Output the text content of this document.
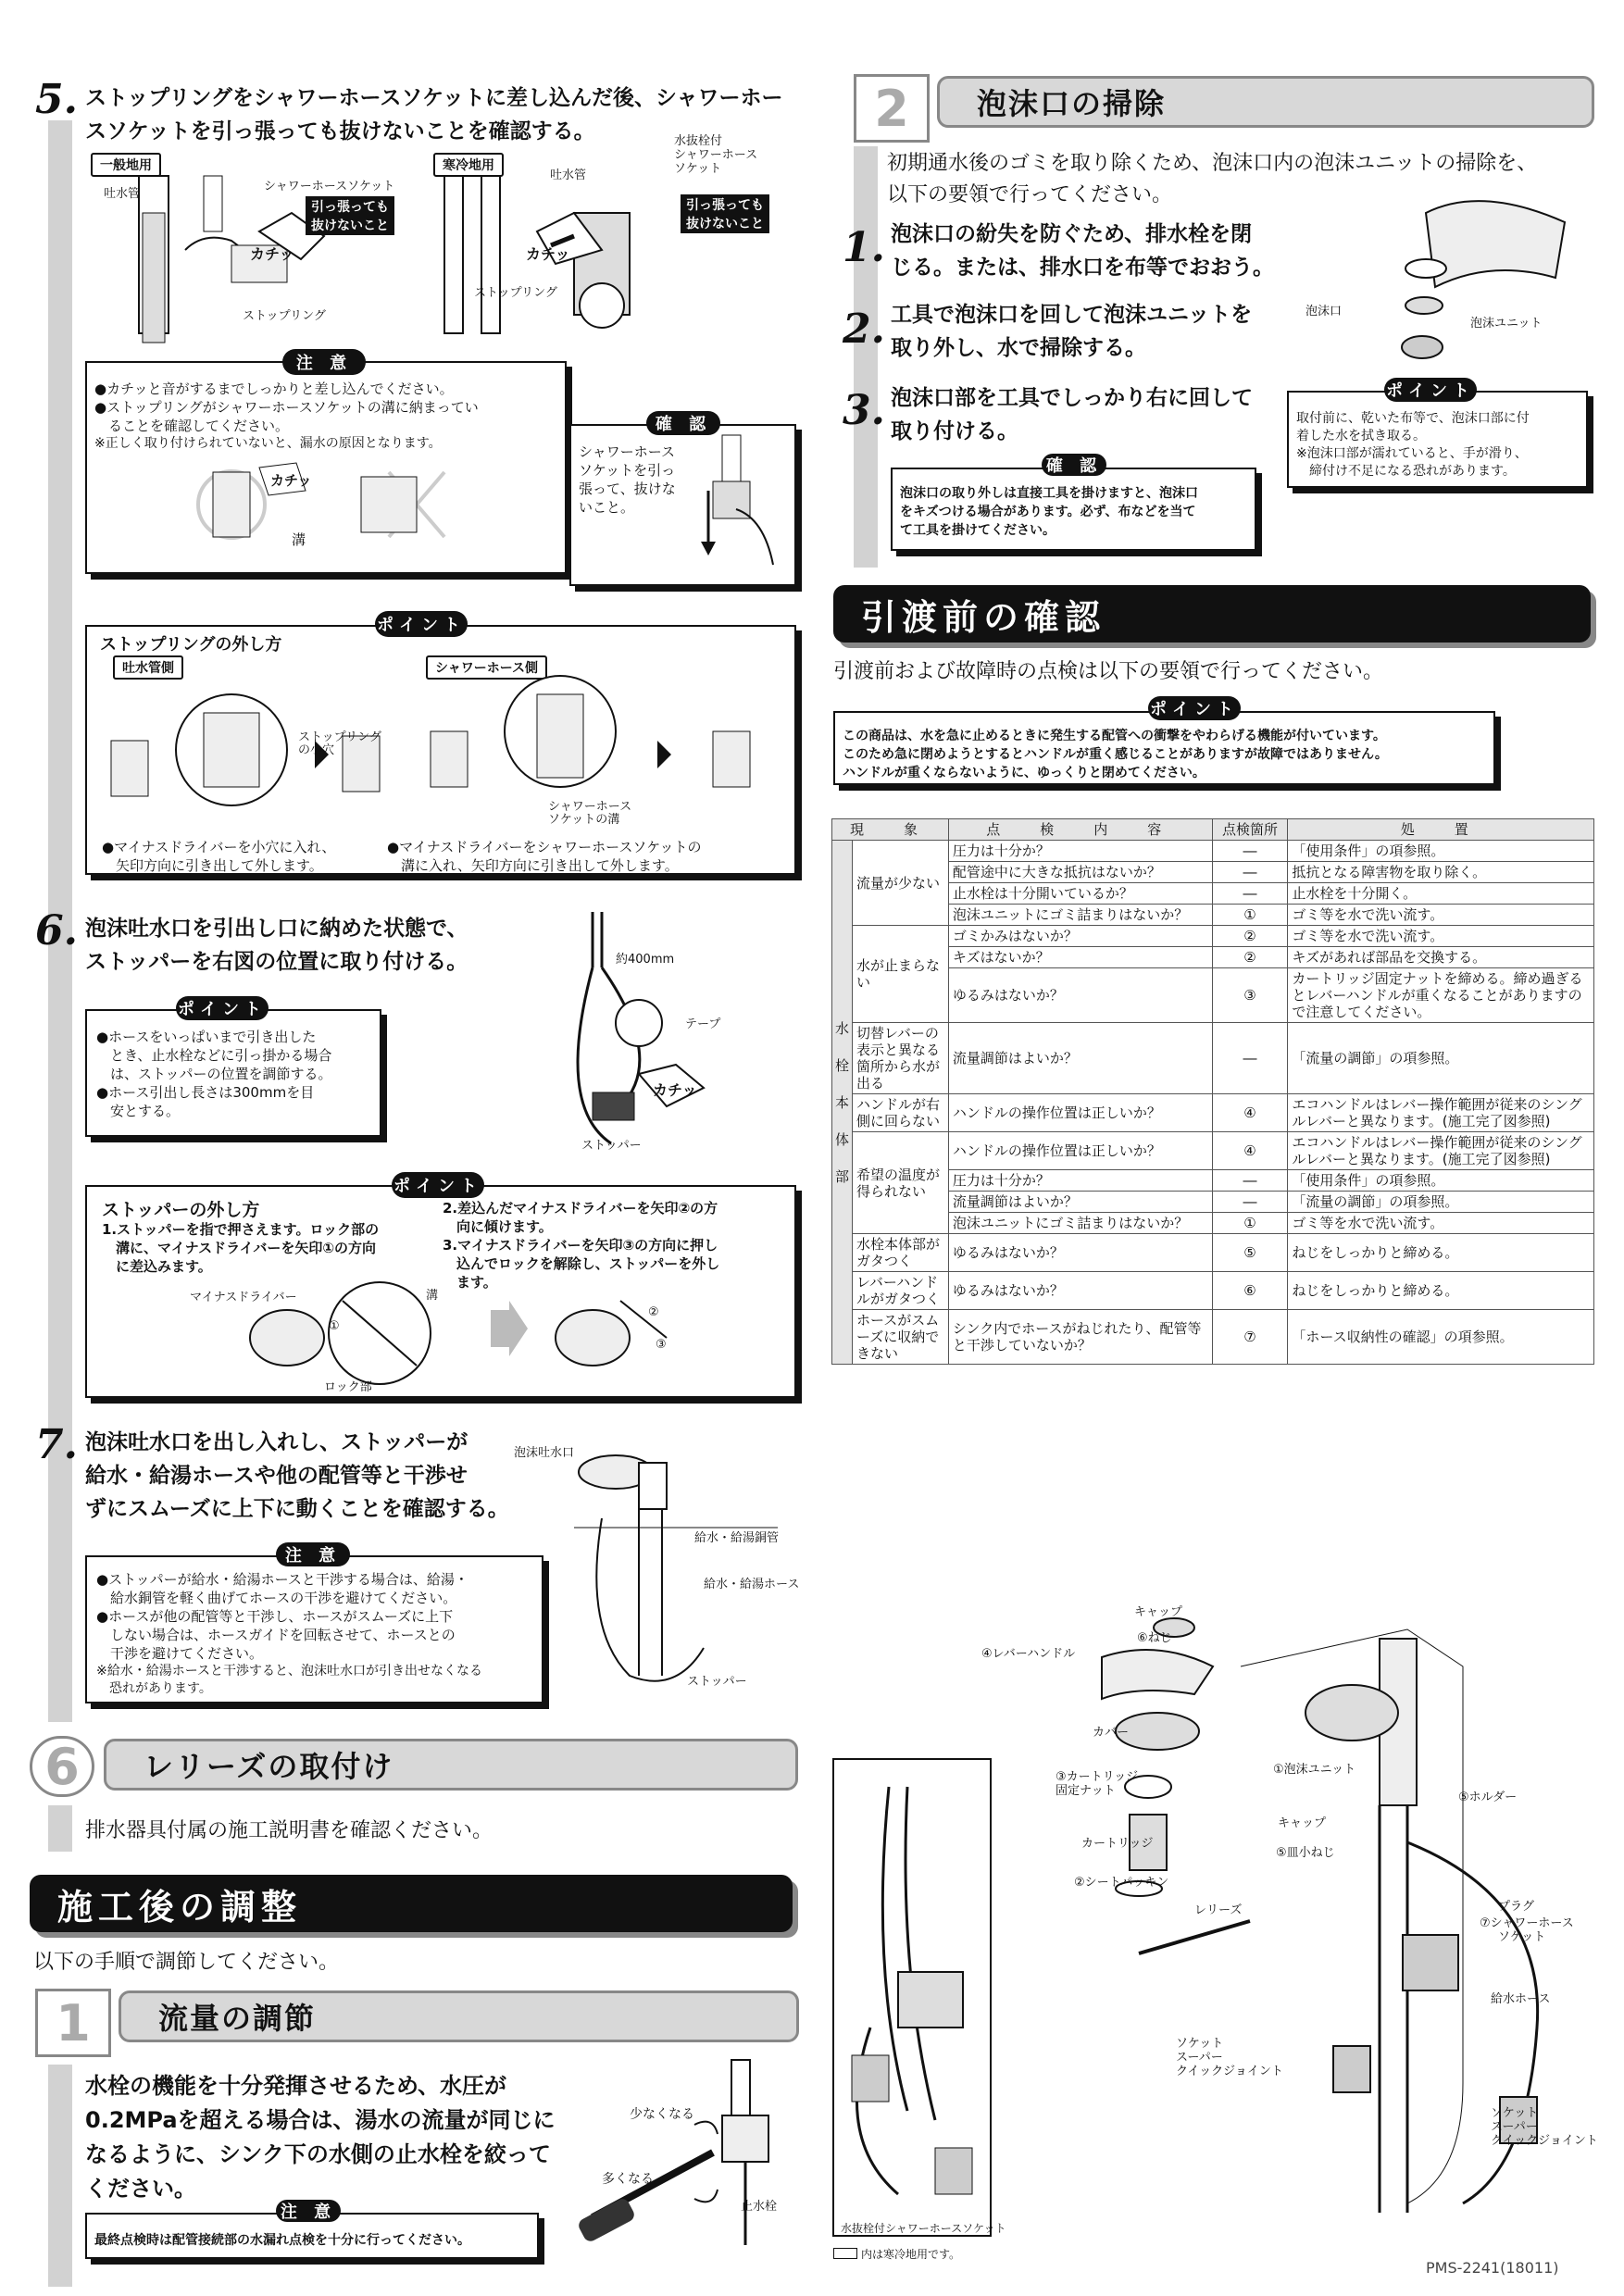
5. ストップリングをシャワーホースソケットに差し込んだ後、シャワーホー
スソケットを引っ張っても抜けないことを確認する。
一般地用	寒冷地用
吐水管
シャワーホースソケット
引っ張っても
抜けないこと
カチッ
ストップリング
吐水管
水抜栓付
シャワーホース
ソケット
引っ張っても
抜けないこと
カチッ
ストップリング
注 意
●カチッと音がするまでしっかりと差し込んでください。
●ストップリングがシャワーホースソケットの溝に納まってい
　ることを確認してください。
※正しく取り付けられていないと、漏水の原因となります。
カチッ
溝
確 認
シャワーホース
ソケットを引っ
張って、抜けな
いこと。
ポイント
ストップリングの外し方
吐水管側	シャワーホース側
ストップリング
の小穴
シャワーホース
ソケットの溝
●マイナスドライバーを小穴に入れ、
　矢印方向に引き出して外します。
●マイナスドライバーをシャワーホースソケットの
　溝に入れ、矢印方向に引き出して外します。
6. 泡沫吐水口を引出し口に納めた状態で、
ストッパーを右図の位置に取り付ける。	約400mm
テープ
カチッ
ストッパー
ポイント
●ホースをいっぱいまで引き出した
　とき、止水栓などに引っ掛かる場合
　は、ストッパーの位置を調節する。
●ホース引出し長さは300mmを目
　安とする。
ポイント
ストッパーの外し方
1.ストッパーを指で押さえます。ロック部の
　溝に、マイナスドライバーを矢印①の方向
　に差込みます。
2.差込んだマイナスドライバーを矢印②の方
　向に傾けます。
3.マイナスドライバーを矢印③の方向に押し
　込んでロックを解除し、ストッパーを外し
　ます。
マイナスドライバー	溝
ロック部
①
②
③
7. 泡沫吐水口を出し入れし、ストッパーが
給水・給湯ホースや他の配管等と干渉せ
ずにスムーズに上下に動くことを確認する。
泡沫吐水口
給水・給湯銅管
給水・給湯ホース
ストッパー
注 意
●ストッパーが給水・給湯ホースと干渉する場合は、給湯・
　給水銅管を軽く曲げてホースの干渉を避けてください。
●ホースが他の配管等と干渉し、ホースがスムーズに上下
　しない場合は、ホースガイドを回転させて、ホースとの
　干渉を避けてください。
※給水・給湯ホースと干渉すると、泡沫吐水口が引き出せなくなる
　恐れがあります。
6	レリーズの取付け
排水器具付属の施工説明書を確認ください。
施工後の調整
以下の手順で調節してください。
1	流量の調節
水栓の機能を十分発揮させるため、水圧が
0.2MPaを超える場合は、湯水の流量が同じに
なるように、シンク下の水側の止水栓を絞って
ください。
少なくなる
多くなる
止水栓
注 意
最終点検時は配管接続部の水漏れ点検を十分に行ってください。
2	泡沫口の掃除
初期通水後のゴミを取り除くため、泡沫口内の泡沫ユニットの掃除を、
以下の要領で行ってください。
1. 泡沫口の紛失を防ぐため、排水栓を閉
じる。または、排水口を布等でおおう。
2. 工具で泡沫口を回して泡沫ユニットを
取り外し、水で掃除する。
3. 泡沫口部を工具でしっかり右に回して
取り付ける。
泡沫口
泡沫ユニット
ポイント
取付前に、乾いた布等で、泡沫口部に付
着した水を拭き取る。
※泡沫口部が濡れていると、手が滑り、
　締付け不足になる恐れがあります。
確 認
泡沫口の取り外しは直接工具を掛けますと、泡沫口
をキズつける場合があります。必ず、布などを当て
て工具を掛けてください。
引渡前の確認
引渡前および故障時の点検は以下の要領で行ってください。
ポイント
この商品は、水を急に止めるときに発生する配管への衝撃をやわらげる機能が付いています。
このため急に閉めようとするとハンドルが重く感じることがありますが故障ではありません。
ハンドルが重くならないように、ゆっくりと閉めてください。
現　象		点　検　内　容	点検箇所	処　置

水
栓
本
体
部	流量が少ない	圧力は十分か？	―	「使用条件」の項参照。
		配管途中に大きな抵抗はないか？	―	抵抗となる障害物を取り除く。
		止水栓は十分開いているか？	―	止水栓を十分開く。
		泡沫ユニットにゴミ詰まりはないか？	①	ゴミ等を水で洗い流す。
	水が止まらない	ゴミかみはないか？	②	ゴミ等を水で洗い流す。
		キズはないか？	②	キズがあれば部品を交換する。
		ゆるみはないか？	③	カートリッジ固定ナットを締める。締め過ぎるとレバーハンドルが重くなることがありますので注意してください。
	切替レバーの表示と異なる箇所から水が出る	流量調節はよいか？	―	「流量の調節」の項参照。
	ハンドルが右側に回らない	ハンドルの操作位置は正しいか？	④	エコハンドルはレバー操作範囲が従来のシングルレバーと異なります。(施工完了図参照)
	希望の温度が得られない	ハンドルの操作位置は正しいか？	④	エコハンドルはレバー操作範囲が従来のシングルレバーと異なります。(施工完了図参照)
		圧力は十分か？	―	「使用条件」の項参照。
		流量調節はよいか？	―	「流量の調節」の項参照。
		泡沫ユニットにゴミ詰まりはないか？	①	ゴミ等を水で洗い流す。
	水栓本体部がガタつく	ゆるみはないか？	⑤	ねじをしっかりと締める。
	レバーハンドルがガタつく	ゆるみはないか？	⑥	ねじをしっかりと締める。
	ホースがスムーズに収納できない	シンク内でホースがねじれたり、配管等と干渉していないか？	⑦	「ホース収納性の確認」の項参照。
キャップ
⑥ねじ
④レバーハンドル
カバー
③カートリッジ
固定ナット
カートリッジ
②シートパッキン
①泡沫ユニット
キャップ
⑤皿小ねじ
⑤ホルダー
レリーズ	プラグ
⑦シャワーホース
ソケット
給水ホース
ソケット
スーパー
クイックジョイント
ソケット
スーパー
クイックジョイント
水抜栓付シャワーホースソケット
内は寒冷地用です。
PMS-2241(18011)
